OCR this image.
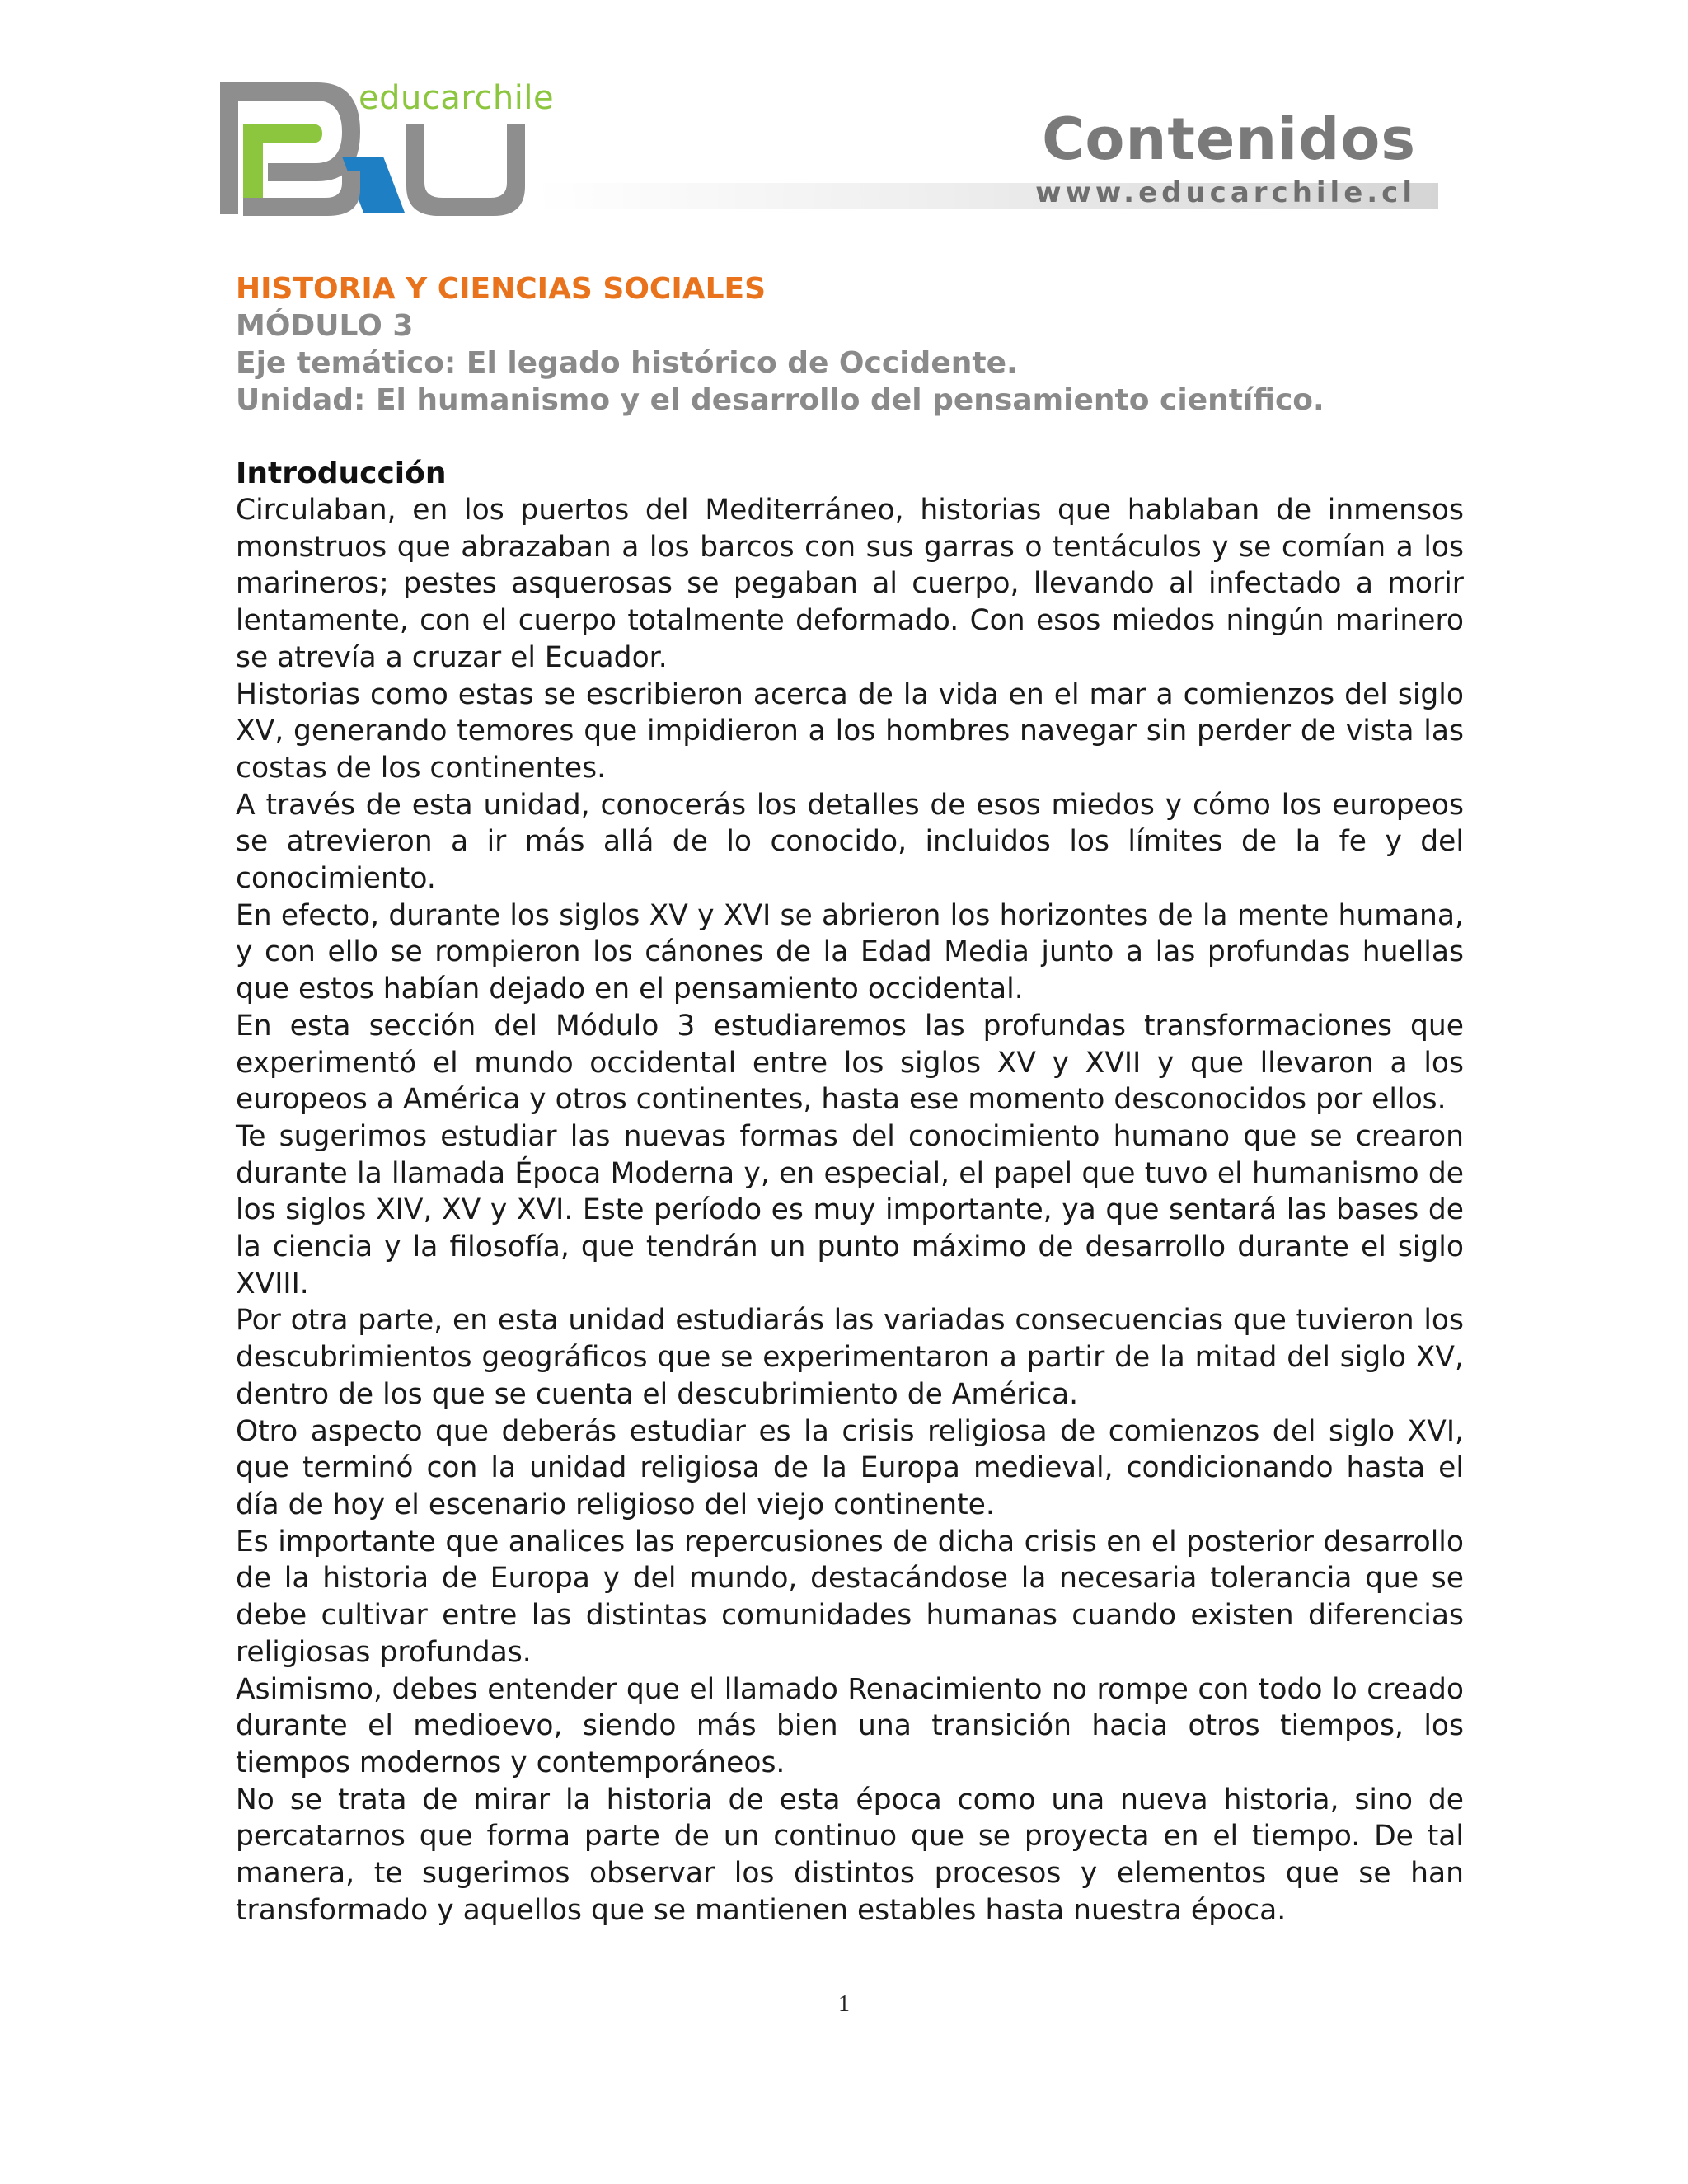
educarchile
Contenidos
www.educarchile.cl

HISTORIA Y CIENCIAS SOCIALES

MÓDULO 3

Eje temático: El legado histórico de Occidente.

Unidad: El humanismo y el desarrollo del pensamiento científico.

Introducción

Circulaban, en los puertos del Mediterráneo, historias que hablaban de inmensos monstruos que abrazaban a los barcos con sus garras o tentáculos y se comían a los marineros; pestes asquerosas se pegaban al cuerpo, llevando al infectado a morir lentamente, con el cuerpo totalmente deformado. Con esos miedos ningún marinero se atrevía a cruzar el Ecuador.

Historias como estas se escribieron acerca de la vida en el mar a comienzos del siglo XV, generando temores que impidieron a los hombres navegar sin perder de vista las costas de los continentes.

A través de esta unidad, conocerás los detalles de esos miedos y cómo los europeos se atrevieron a ir más allá de lo conocido, incluidos los límites de la fe y del conocimiento.

En efecto, durante los siglos XV y XVI se abrieron los horizontes de la mente humana, y con ello se rompieron los cánones de la Edad Media junto a las profundas huellas que estos habían dejado en el pensamiento occidental.

En esta sección del Módulo 3 estudiaremos las profundas transformaciones que experimentó el mundo occidental entre los siglos XV y XVII y que llevaron a los europeos a América y otros continentes, hasta ese momento desconocidos por ellos.

Te sugerimos estudiar las nuevas formas del conocimiento humano que se crearon durante la llamada Época Moderna y, en especial, el papel que tuvo el humanismo de los siglos XIV, XV y XVI. Este período es muy importante, ya que sentará las bases de la ciencia y la filosofía, que tendrán un punto máximo de desarrollo durante el siglo XVIII.

Por otra parte, en esta unidad estudiarás las variadas consecuencias que tuvieron los descubrimientos geográficos que se experimentaron a partir de la mitad del siglo XV, dentro de los que se cuenta el descubrimiento de América.

Otro aspecto que deberás estudiar es la crisis religiosa de comienzos del siglo XVI, que terminó con la unidad religiosa de la Europa medieval, condicionando hasta el día de hoy el escenario religioso del viejo continente.

Es importante que analices las repercusiones de dicha crisis en el posterior desarrollo de la historia de Europa y del mundo, destacándose la necesaria tolerancia que se debe cultivar entre las distintas comunidades humanas cuando existen diferencias religiosas profundas.

Asimismo, debes entender que el llamado Renacimiento no rompe con todo lo creado durante el medioevo, siendo más bien una transición hacia otros tiempos, los tiempos modernos y contemporáneos.

No se trata de mirar la historia de esta época como una nueva historia, sino de percatarnos que forma parte de un continuo que se proyecta en el tiempo. De tal manera, te sugerimos observar los distintos procesos y elementos que se han transformado y aquellos que se mantienen estables hasta nuestra época.

1
